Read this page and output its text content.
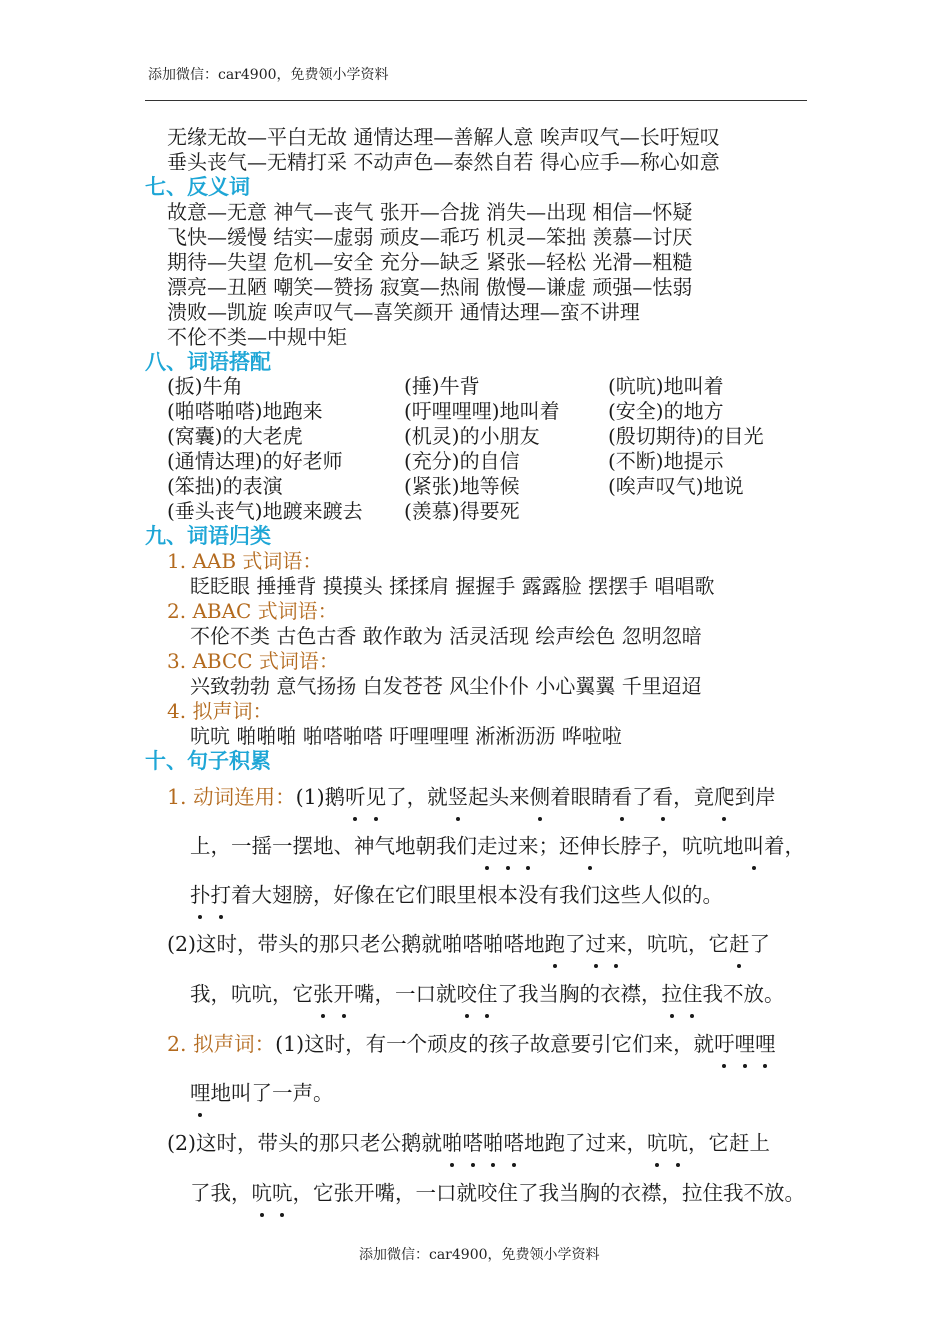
添加微信：car4900，免费领小学资料
无缘无故—平白无故 通情达理—善解人意 唉声叹气—长吁短叹
垂头丧气—无精打采 不动声色—泰然自若 得心应手—称心如意
七、反义词
故意—无意 神气—丧气 张开—合拢 消失—出现 相信—怀疑
飞快—缓慢 结实—虚弱 顽皮—乖巧 机灵—笨拙 羡慕—讨厌
期待—失望 危机—安全 充分—缺乏 紧张—轻松 光滑—粗糙
漂亮—丑陋 嘲笑—赞扬 寂寞—热闹 傲慢—谦虚 顽强—怯弱
溃败—凯旋 唉声叹气—喜笑颜开 通情达理—蛮不讲理
不伦不类—中规中矩
八、词语搭配
(扳)牛角
(啪嗒啪嗒)地跑来
(窝囊)的大老虎
(通情达理)的好老师
(笨拙)的表演
(垂头丧气)地踱来踱去
(捶)牛背
(吁哩哩哩)地叫着
(机灵)的小朋友
(充分)的自信
(紧张)地等候
(羡慕)得要死
(吭吭)地叫着
(安全)的地方
(殷切期待)的目光
(不断)地提示
(唉声叹气)地说
九、词语归类
1. AAB 式词语：
眨眨眼 捶捶背 摸摸头 揉揉肩 握握手 露露脸 摆摆手 唱唱歌
2. ABAC 式词语：
不伦不类 古色古香 敢作敢为 活灵活现 绘声绘色 忽明忽暗
3. ABCC 式词语：
兴致勃勃 意气扬扬 白发苍苍 风尘仆仆 小心翼翼 千里迢迢
4. 拟声词：
吭吭 啪啪啪 啪嗒啪嗒 吁哩哩哩 淅淅沥沥 哗啦啦
十、句子积累
1. 动词连用：(1)鹅听见了，就竖起头来侧着眼睛看了看，竟爬到岸
上，一摇一摆地、神气地朝我们走过来；还伸长脖子，吭吭地叫着，
扑打着大翅膀，好像在它们眼里根本没有我们这些人似的。
(2)这时，带头的那只老公鹅就啪嗒啪嗒地跑了过来，吭吭，它赶了
我，吭吭，它张开嘴，一口就咬住了我当胸的衣襟，拉住我不放。
2. 拟声词：(1)这时，有一个顽皮的孩子故意要引它们来，就吁哩哩
哩地叫了一声。
(2)这时，带头的那只老公鹅就啪嗒啪嗒地跑了过来，吭吭，它赶上
了我，吭吭，它张开嘴，一口就咬住了我当胸的衣襟，拉住我不放。
添加微信：car4900，免费领小学资料
